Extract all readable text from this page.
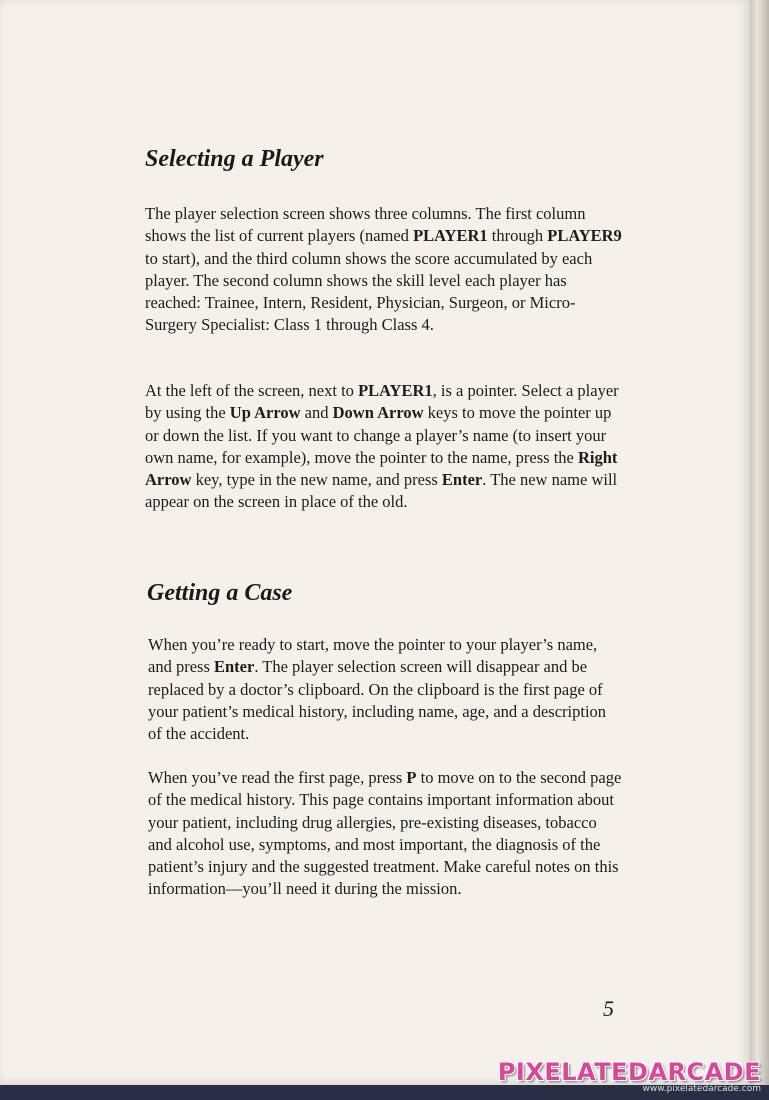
Selecting a Player

The player selection screen shows three columns. The first column shows the list of current players (named PLAYER1 through PLAYER9 to start), and the third column shows the score accumulated by each player. The second column shows the skill level each player has reached: Trainee, Intern, Resident, Physician, Surgeon, or Micro-Surgery Specialist: Class 1 through Class 4.

At the left of the screen, next to PLAYER1, is a pointer. Select a player by using the Up Arrow and Down Arrow keys to move the pointer up or down the list. If you want to change a player’s name (to insert your own name, for example), move the pointer to the name, press the Right Arrow key, type in the new name, and press Enter. The new name will appear on the screen in place of the old.

Getting a Case

When you’re ready to start, move the pointer to your player’s name, and press Enter. The player selection screen will disappear and be replaced by a doctor’s clipboard. On the clipboard is the first page of your patient’s medical history, including name, age, and a description of the accident.

When you’ve read the first page, press P to move on to the second page of the medical history. This page contains important information about your patient, including drug allergies, pre-existing diseases, tobacco and alcohol use, symptoms, and most important, the diagnosis of the patient’s injury and the suggested treatment. Make careful notes on this information—you’ll need it during the mission.

5
PIXELATEDARCADE
www.pixelatedarcade.com
